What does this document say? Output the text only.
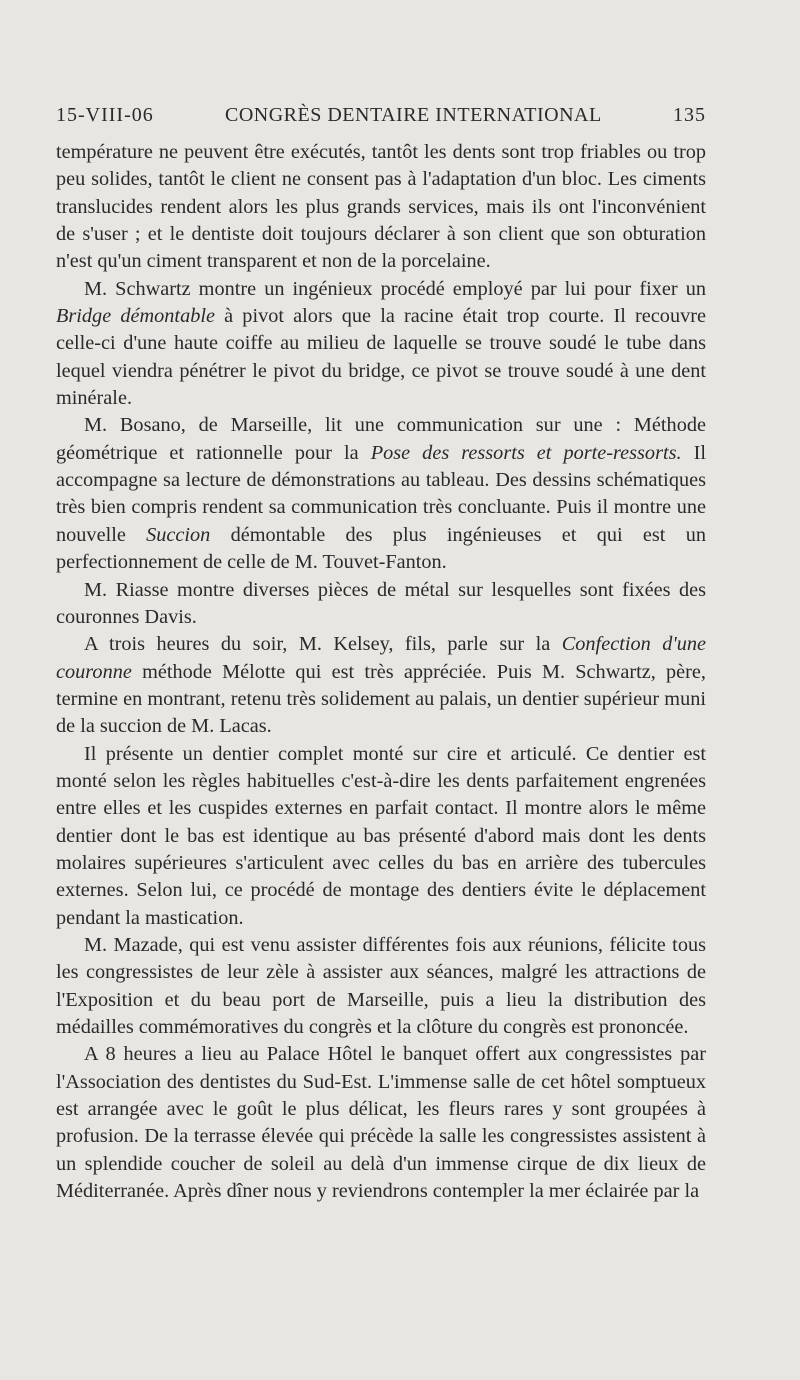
15-VIII-06	CONGRÈS DENTAIRE INTERNATIONAL	135

température ne peuvent être exécutés, tantôt les dents sont trop friables ou trop peu solides, tantôt le client ne consent pas à l'adaptation d'un bloc. Les ciments translucides rendent alors les plus grands services, mais ils ont l'inconvénient de s'user ; et le dentiste doit toujours déclarer à son client que son obturation n'est qu'un ciment transparent et non de la porcelaine.

M. Schwartz montre un ingénieux procédé employé par lui pour fixer un Bridge démontable à pivot alors que la racine était trop courte. Il recouvre celle-ci d'une haute coiffe au milieu de laquelle se trouve soudé le tube dans lequel viendra pénétrer le pivot du bridge, ce pivot se trouve soudé à une dent minérale.

M. Bosano, de Marseille, lit une communication sur une : Méthode géométrique et rationnelle pour la Pose des ressorts et porte-ressorts. Il accompagne sa lecture de démonstrations au tableau. Des dessins schématiques très bien compris rendent sa communication très concluante. Puis il montre une nouvelle Succion démontable des plus ingénieuses et qui est un perfectionnement de celle de M. Touvet-Fanton.

M. Riasse montre diverses pièces de métal sur lesquelles sont fixées des couronnes Davis.

A trois heures du soir, M. Kelsey, fils, parle sur la Confection d'une couronne méthode Mélotte qui est très appréciée. Puis M. Schwartz, père, termine en montrant, retenu très solidement au palais, un dentier supérieur muni de la succion de M. Lacas.

Il présente un dentier complet monté sur cire et articulé. Ce dentier est monté selon les règles habituelles c'est-à-dire les dents parfaitement engrenées entre elles et les cuspides externes en parfait contact. Il montre alors le même dentier dont le bas est identique au bas présenté d'abord mais dont les dents molaires supérieures s'articulent avec celles du bas en arrière des tubercules externes. Selon lui, ce procédé de montage des dentiers évite le déplacement pendant la mastication.

M. Mazade, qui est venu assister différentes fois aux réunions, félicite tous les congressistes de leur zèle à assister aux séances, malgré les attractions de l'Exposition et du beau port de Marseille, puis a lieu la distribution des médailles commémoratives du congrès et la clôture du congrès est prononcée.

A 8 heures a lieu au Palace Hôtel le banquet offert aux congressistes par l'Association des dentistes du Sud-Est. L'immense salle de cet hôtel somptueux est arrangée avec le goût le plus délicat, les fleurs rares y sont groupées à profusion. De la terrasse élevée qui précède la salle les congressistes assistent à un splendide coucher de soleil au delà d'un immense cirque de dix lieux de Méditerranée. Après dîner nous y reviendrons contempler la mer éclairée par la
